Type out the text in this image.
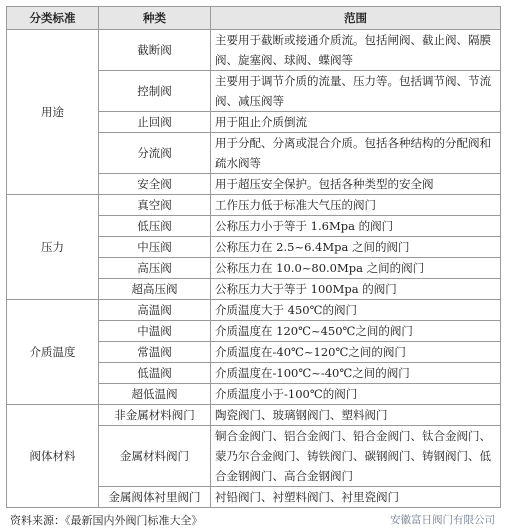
分类标准	种类	范围
用途	截断阀	主要用于截断或接通介质流。包括闸阀、截止阀、隔膜阀、旋塞阀、球阀、蝶阀等
	控制阀	主要用于调节介质的流量、压力等。包括调节阀、节流阀、减压阀等
	止回阀	用于阻止介质倒流
	分流阀	用于分配、分离或混合介质。包括各种结构的分配阀和疏水阀等
	安全阀	用于超压安全保护。包括各种类型的安全阀
压力	真空阀	工作压力低于标准大气压的阀门
	低压阀	公称压力小于等于 1.6Mpa 的阀门
	中压阀	公称压力在 2.5~6.4Mpa 之间的阀门
	高压阀	公称压力在 10.0~80.0Mpa 之间的阀门
	超高压阀	公称压力大于等于 100Mpa 的阀门
介质温度	高温阀	介质温度大于 450℃的阀门
	中温阀	介质温度在 120℃~450℃之间的阀门
	常温阀	介质温度在-40℃~120℃之间的阀门
	低温阀	介质温度在-100℃~-40℃之间的阀门
	超低温阀	介质温度小于-100℃的阀门
阀体材料	非金属材料阀门	陶瓷阀门、玻璃钢阀门、塑料阀门
	金属材料阀门	铜合金阀门、铝合金阀门、铅合金阀门、钛合金阀门、蒙乃尔合金阀门、铸铁阀门、碳钢阀门、铸钢阀门、低合金钢阀门、高合金钢阀门
	金属阀体衬里阀门	衬铅阀门、衬塑料阀门、衬里瓷阀门
资料来源：《最新国内外阀门标准大全》	安徽富日阀门有限公司
